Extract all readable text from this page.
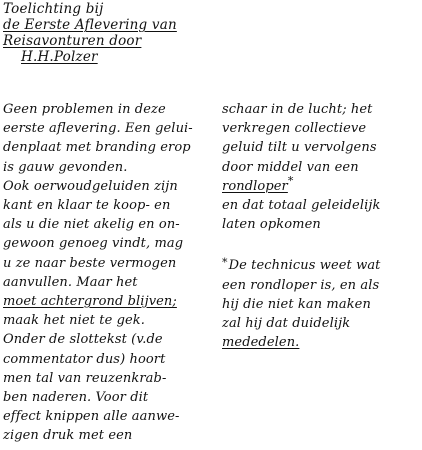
Toelichting bij
de Eerste Aflevering van
Reisavonturen door
H.H.Polzer
Geen problemen in deze
eerste aflevering. Een gelui-
denplaat met branding erop
is gauw gevonden.
Ook oerwoudgeluiden zijn
kant en klaar te koop- en
als u die niet akelig en on-
gewoon genoeg vindt, mag
u ze naar beste vermogen
aanvullen. Maar het
moet achtergrond blijven;
maak het niet te gek.
Onder de slottekst (v.de
commentator dus) hoort
men tal van reuzenkrab-
ben naderen. Voor dit
effect knippen alle aanwe-
zigen druk met een
schaar in de lucht; het
verkregen collectieve
geluid tilt u vervolgens
door middel van een
rondloper*
en dat totaal geleidelijk
laten opkomen
*De technicus weet wat
een rondloper is, en als
hij die niet kan maken
zal hij dat duidelijk
mededelen.
